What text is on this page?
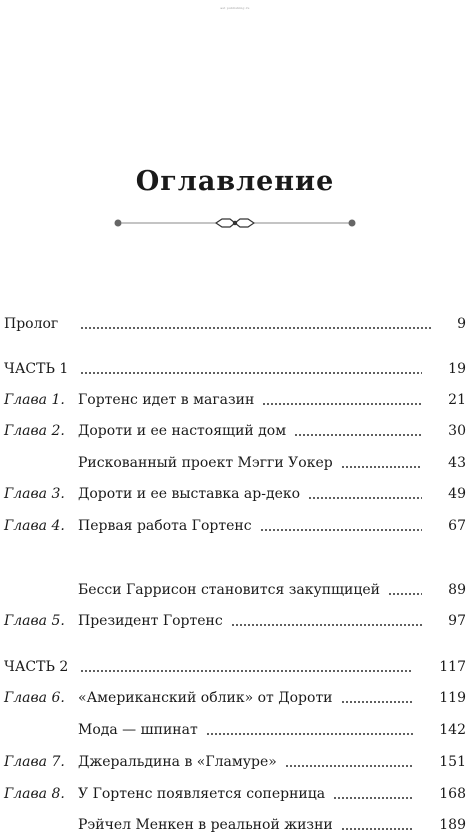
ast publishing.ru
Оглавление
Пролог	9
ЧАСТЬ 1	19
Глава 1. Гортенс идет в магазин	21
Глава 2. Дороти и ее настоящий дом	30
Рискованный проект Мэгги Уокер	43
Глава 3. Дороти и ее выставка ар-деко	49
Глава 4. Первая работа Гортенс	67
Бесси Гаррисон становится закупщицей	89
Глава 5. Президент Гортенс	97
ЧАСТЬ 2	117
Глава 6. «Американский облик» от Дороти	119
Мода — шпинат	142
Глава 7. Джеральдина в «Гламуре»	151
Глава 8. У Гортенс появляется соперница	168
Рэйчел Менкен в реальной жизни	189
